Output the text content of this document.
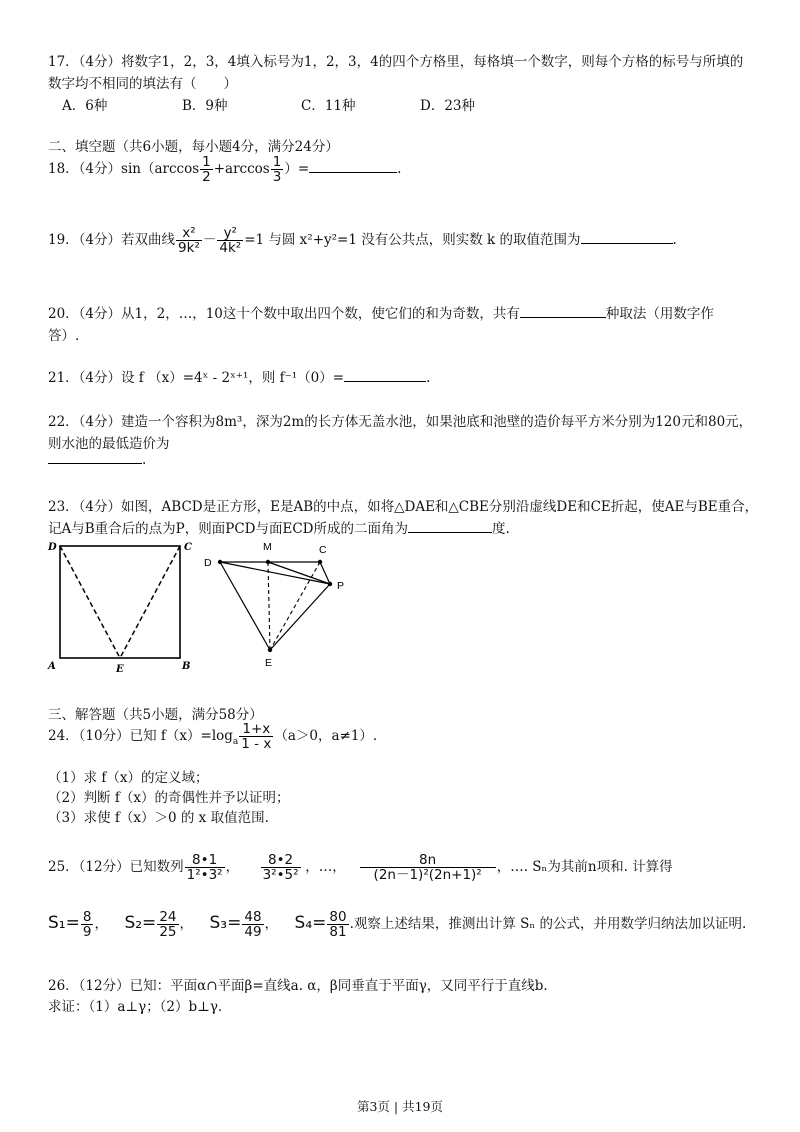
17．（4分）将数字1，2，3，4填入标号为1，2，3，4的四个方格里，每格填一个数字，则每个方格的标号与所填的
数字均不相同的填法有（　　）
A．6种	B．9种	C．11种	D．23种
二、填空题（共6小题，每小题4分，满分24分）
18．（4分）$\sin(\arccos \frac{1}{2} +\arccos \frac{1}{3}$ ）=	.
19．（4分）若双曲线 $\frac{\text{x²}}{\text{9k²}} - \frac{\text{y²}}{\text{4k²}} =1$ 与圆 x²+y²=1 没有公共点，则实数 k 的取值范围为	.
20．（4分）从1，2，…，10这十个数中取出四个数，使它们的和为奇数，共有	种取法（用数字作
答）.
21．（4分）设 f （x）=4ˣ - 2ˣ⁺¹，则 f⁻¹（0）=	.
22．（4分）建造一个容积为8m³，深为2m的长方体无盖水池，如果池底和池壁的造价每平方米分别为120元和80元，
则水池的最低造价为
.
23．（4分）如图，ABCD是正方形，E是AB的中点，如将△DAE和△CBE分别沿虚线DE和CE折起，使AE与BE重合，
记A与B重合后的点为P，则面PCD与面ECD所成的二面角为	度.
D	C
A	E	B
M	C
D
P
E
三、解答题（共5小题，满分58分）
24．（10分）已知 $f(x)=\log_a \frac{1+x}{1 - x} (a>0$，a≠1）.
（1）求 f（x）的定义域；
（2）判断 f（x）的奇偶性并予以证明；
（3）求使 f（x）＞0 的 x 取值范围.
25．（12分）已知数列 $\frac{8•1}{\text{1²•3²}}$ ， $\frac{8•2}{\text{3²•5²}}$ ，…， $\frac{8n}{\text{(2n－1)²(2n+1)²}}$ ，…. Sₙ为其前n项和. 计算得
$S_1= \frac{8}{9}$ ， $S_2= \frac{24}{25}$ ， $S_3= \frac{48}{49}$ ， $S_4= \frac{80}{81}$ .观察上述结果，推测出计算 Sₙ 的公式，并用数学归纳法加以证明.
26．（12分）已知：平面α∩平面β=直线a. α，β同垂直于平面γ，又同平行于直线b.
求证：（1）a⊥γ；（2）b⊥γ.
第3页 | 共19页
